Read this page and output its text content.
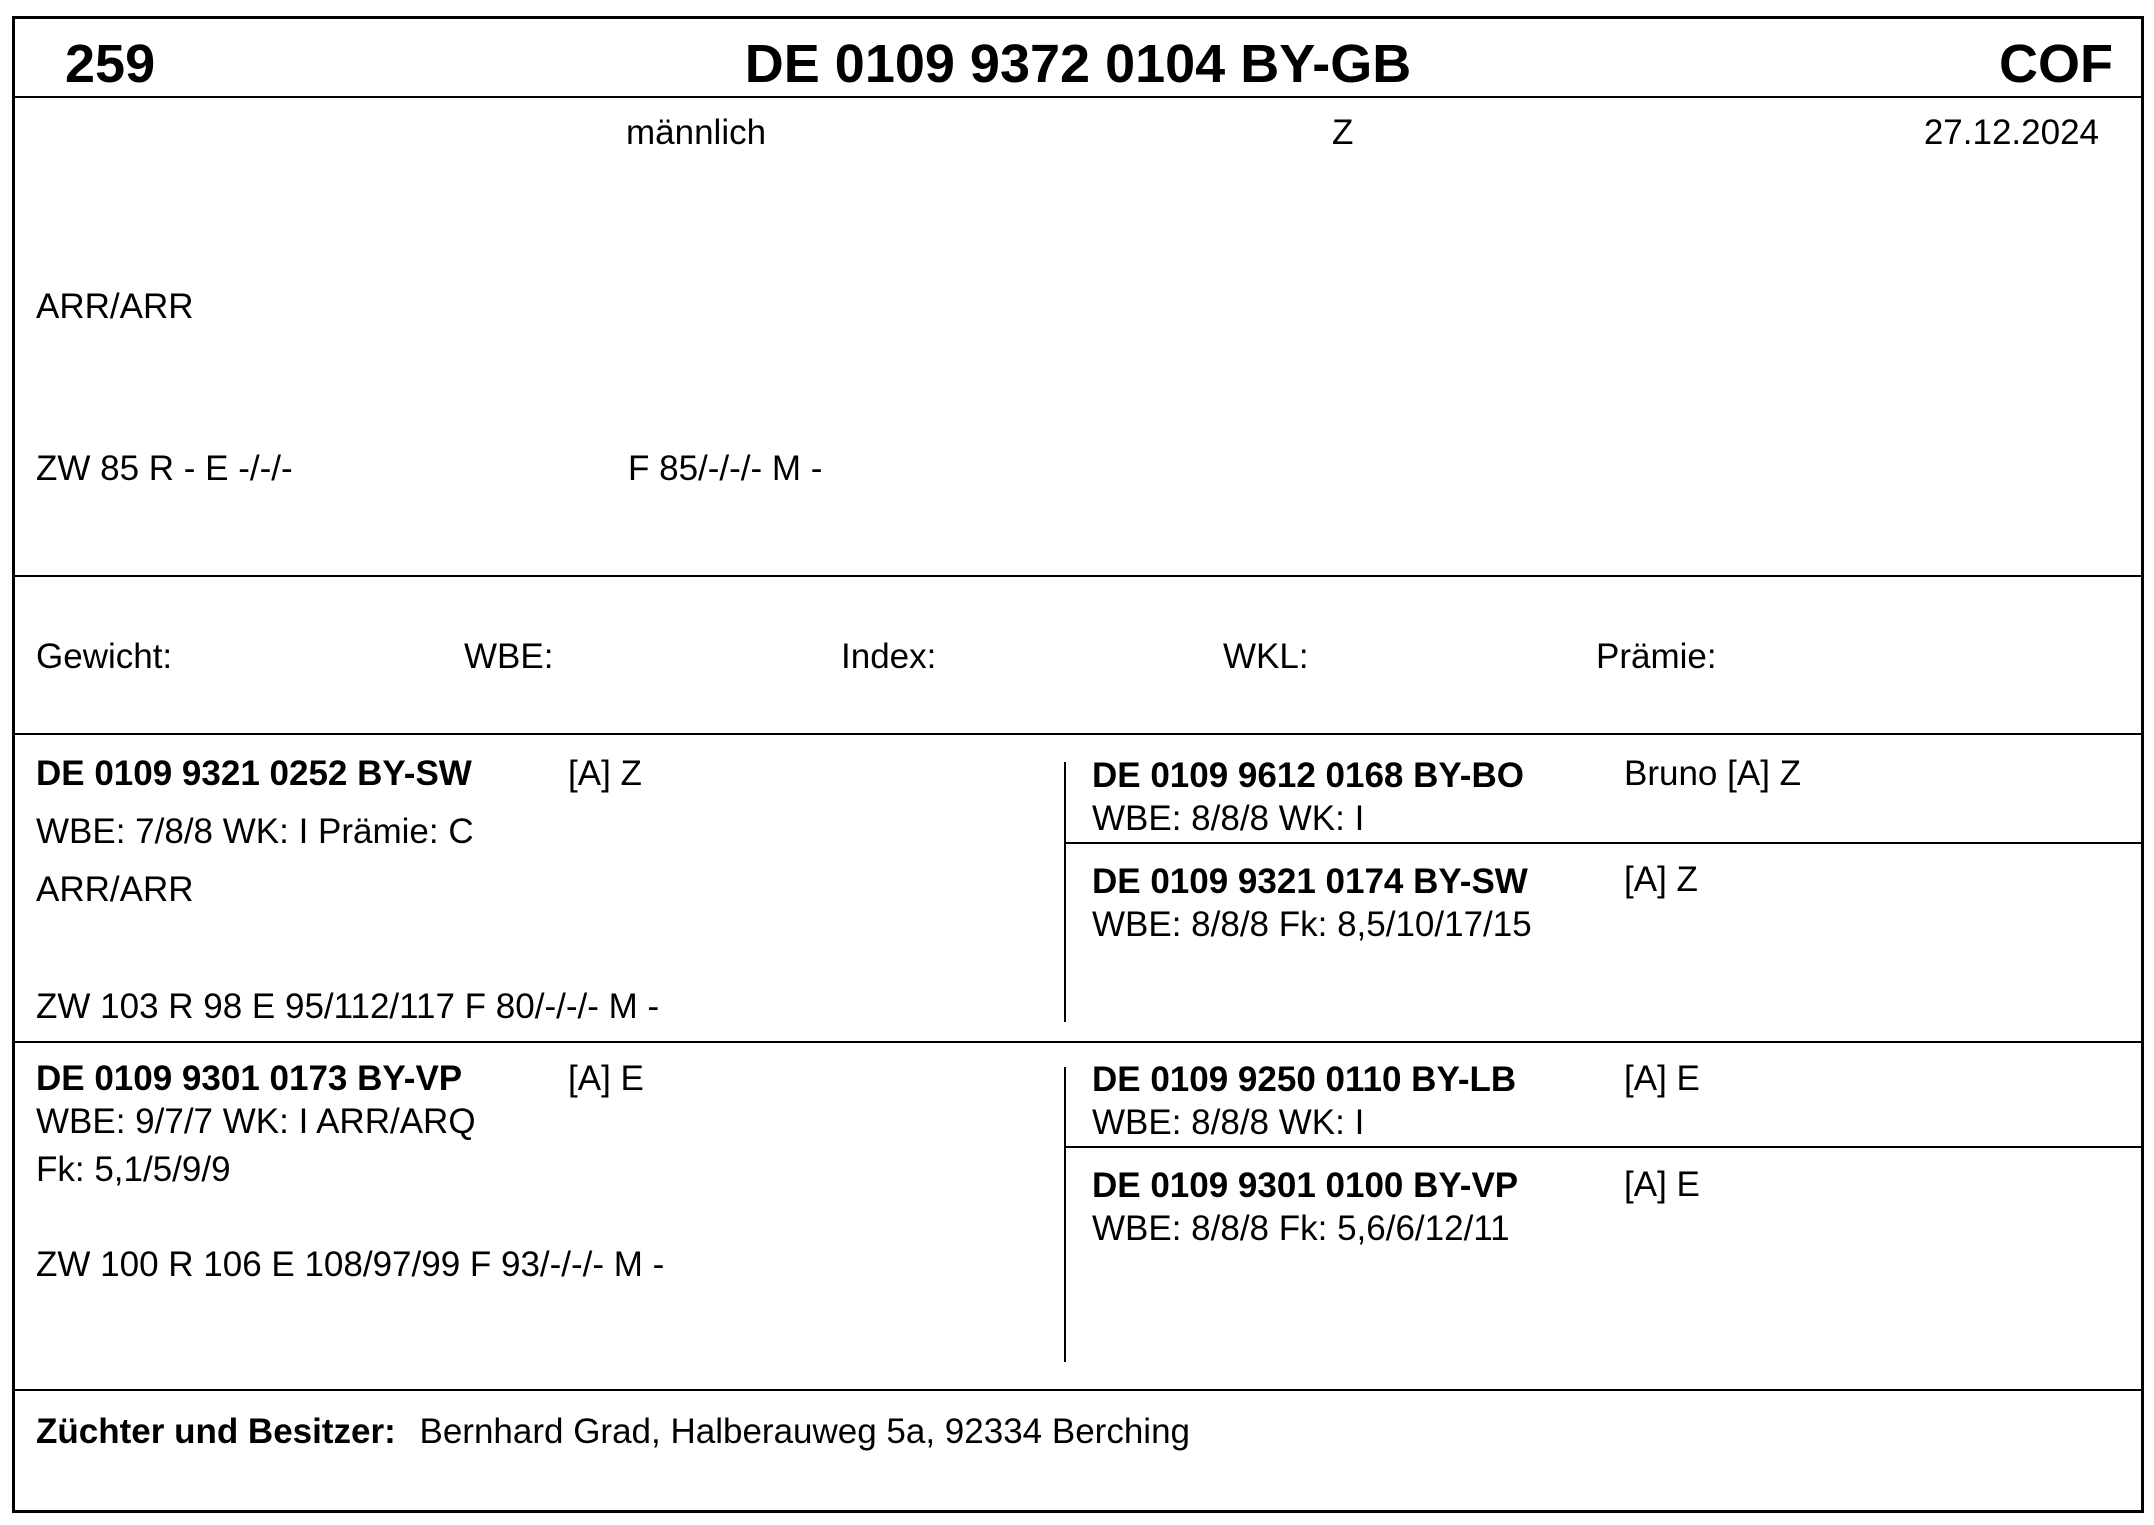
259	DE 0109 9372 0104 BY-GB	COF
männlich	Z	27.12.2024
ARR/ARR
ZW 85 R - E -/-/-	F 85/-/-/- M -
Gewicht:	WBE:	Index:	WKL:	Prämie:
DE 0109 9321 0252 BY-SW	[A] Z
WBE: 7/8/8 WK: I Prämie: C
ARR/ARR
ZW 103 R 98 E 95/112/117 F 80/-/-/- M -
DE 0109 9612 0168 BY-BO	Bruno [A] Z
WBE: 8/8/8 WK: I
DE 0109 9321 0174 BY-SW	[A] Z
WBE: 8/8/8 Fk: 8,5/10/17/15
DE 0109 9301 0173 BY-VP	[A] E
WBE: 9/7/7 WK: I ARR/ARQ
Fk: 5,1/5/9/9
ZW 100 R 106 E 108/97/99 F 93/-/-/- M -
DE 0109 9250 0110 BY-LB	[A] E
WBE: 8/8/8 WK: I
DE 0109 9301 0100 BY-VP	[A] E
WBE: 8/8/8 Fk: 5,6/6/12/11
Züchter und Besitzer: Bernhard Grad, Halberauweg 5a, 92334 Berching
